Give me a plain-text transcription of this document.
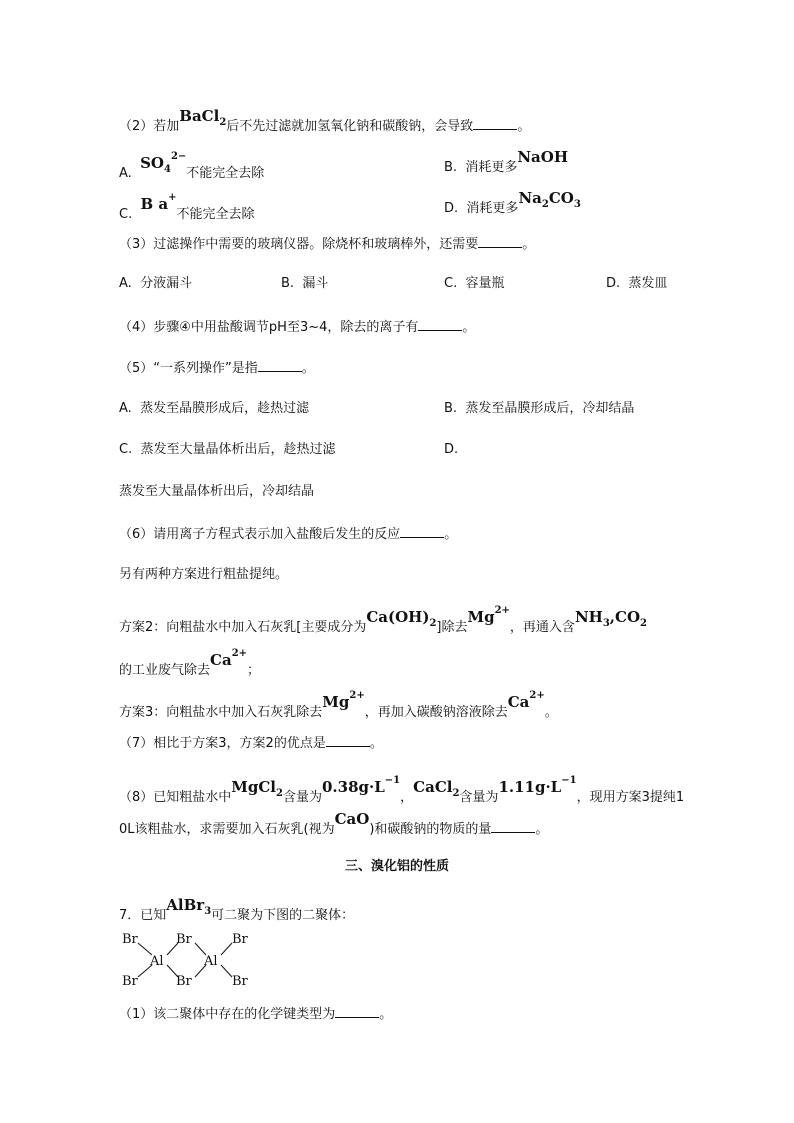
（2）若加BaCl$_2$后不先过滤就加氢氧化钠和碳酸钠，会导致	。
A.  $SO_4^{2-}$不能完全去除	B. 消耗更多NaOH
C.  B a+不能完全去除	D. 消耗更多$Na_2CO_3$
（3）过滤操作中需要的玻璃仪器。除烧杯和玻璃棒外，还需要	。
A. 分液漏斗	B. 漏斗	C. 容量瓶	D. 蒸发皿
（4）步骤④中用盐酸调节pH至3~4，除去的离子有	。
（5）“一系列操作”是指	。
A. 蒸发至晶膜形成后，趁热过滤	B. 蒸发至晶膜形成后，冷却结晶
C. 蒸发至大量晶体析出后，趁热过滤	D.
蒸发至大量晶体析出后，冷却结晶
（6）请用离子方程式表示加入盐酸后发生的反应	。
另有两种方案进行粗盐提纯。
方案2：向粗盐水中加入石灰乳[主要成分为$Ca(OH)_2$]除去$Mg^{2+}$，再通入含$NH_3,CO_2$
的工业废气除去$Ca^{2+}$；
方案3：向粗盐水中加入石灰乳除去$Mg^{2+}$，再加入碳酸钠溶液除去$Ca^{2+}$。
（7）相比于方案3，方案2的优点是	。
（8）已知粗盐水中MgCl$_2$含量为$0.38g\cdot L^{-1}$，CaCl$_2$含量为$1.11g\cdot L^{-1}$，现用方案3提纯1
0L该粗盐水，求需要加入石灰乳(视为CaO)和碳酸钠的物质的量	。
三、溴化铝的性质
7．已知AlBr$_3$可二聚为下图的二聚体：
Br
Br
Br
Br
Br
Br
Al	Al
（1）该二聚体中存在的化学键类型为	。
